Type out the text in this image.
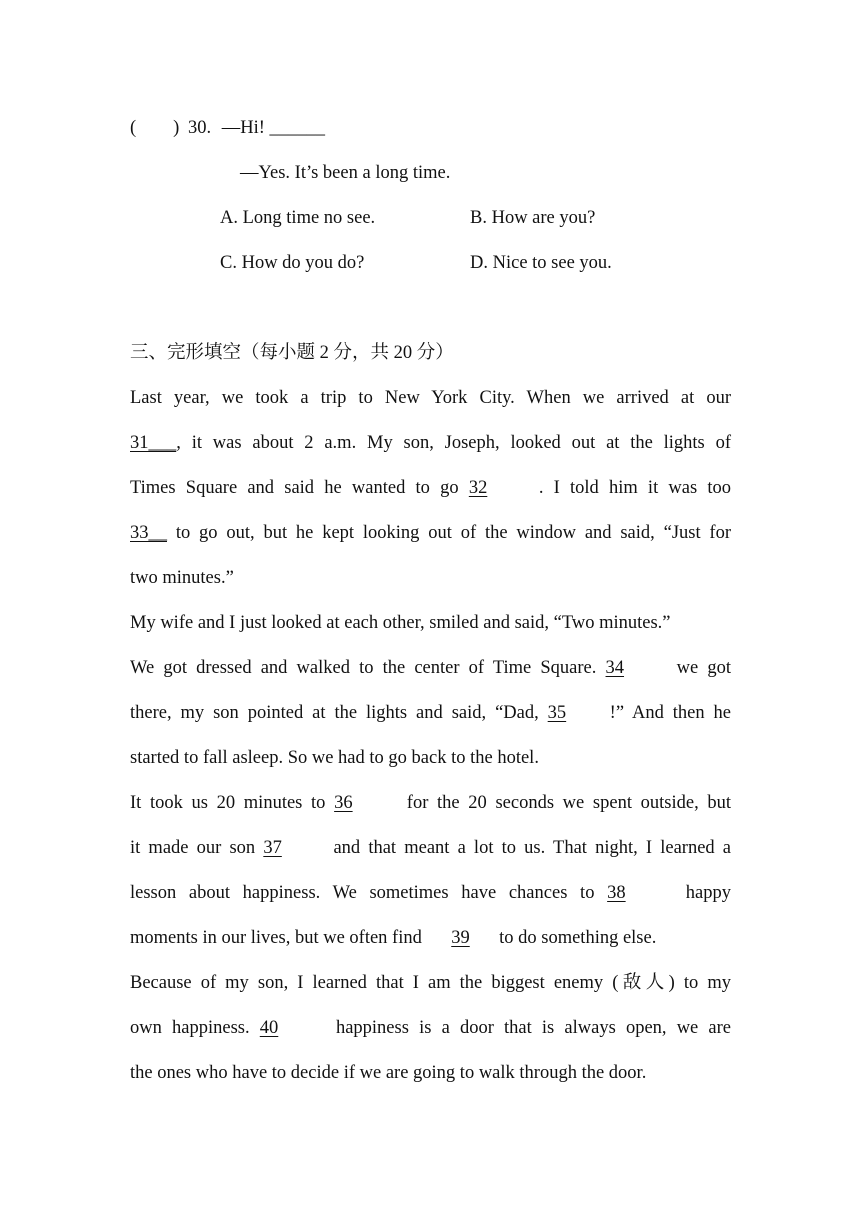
(　　) 30. —Hi! ______
—Yes. It’s been a long time.
A. Long time no see.	B. How are you?
C. How do you do?	D. Nice to see you.
三、完形填空（每小题 2 分，共 20 分）
Last year, we took a trip to New York City. When we arrived at our
31___, it was about 2 a.m. My son, Joseph, looked out at the lights of
Times Square and said he wanted to go 32	. I told him it was too
33__ to go out, but he kept looking out of the window and said, “Just for
two minutes.”
My wife and I just looked at each other, smiled and said, “Two minutes.”
We got dressed and walked to the center of Time Square. 34	we got
there, my son pointed at the lights and said, “Dad, 35 !” And then he
started to fall asleep. So we had to go back to the hotel.
It took us 20 minutes to 36	for the 20 seconds we spent outside, but
it made our son 37	and that meant a lot to us. That night, I learned a
lesson about happiness. We sometimes have chances to 38	happy
moments in our lives, but we often find 39 to do something else.
Because of my son, I learned that I am the biggest enemy (敌人) to my
own happiness. 40	happiness is a door that is always open, we are
the ones who have to decide if we are going to walk through the door.
